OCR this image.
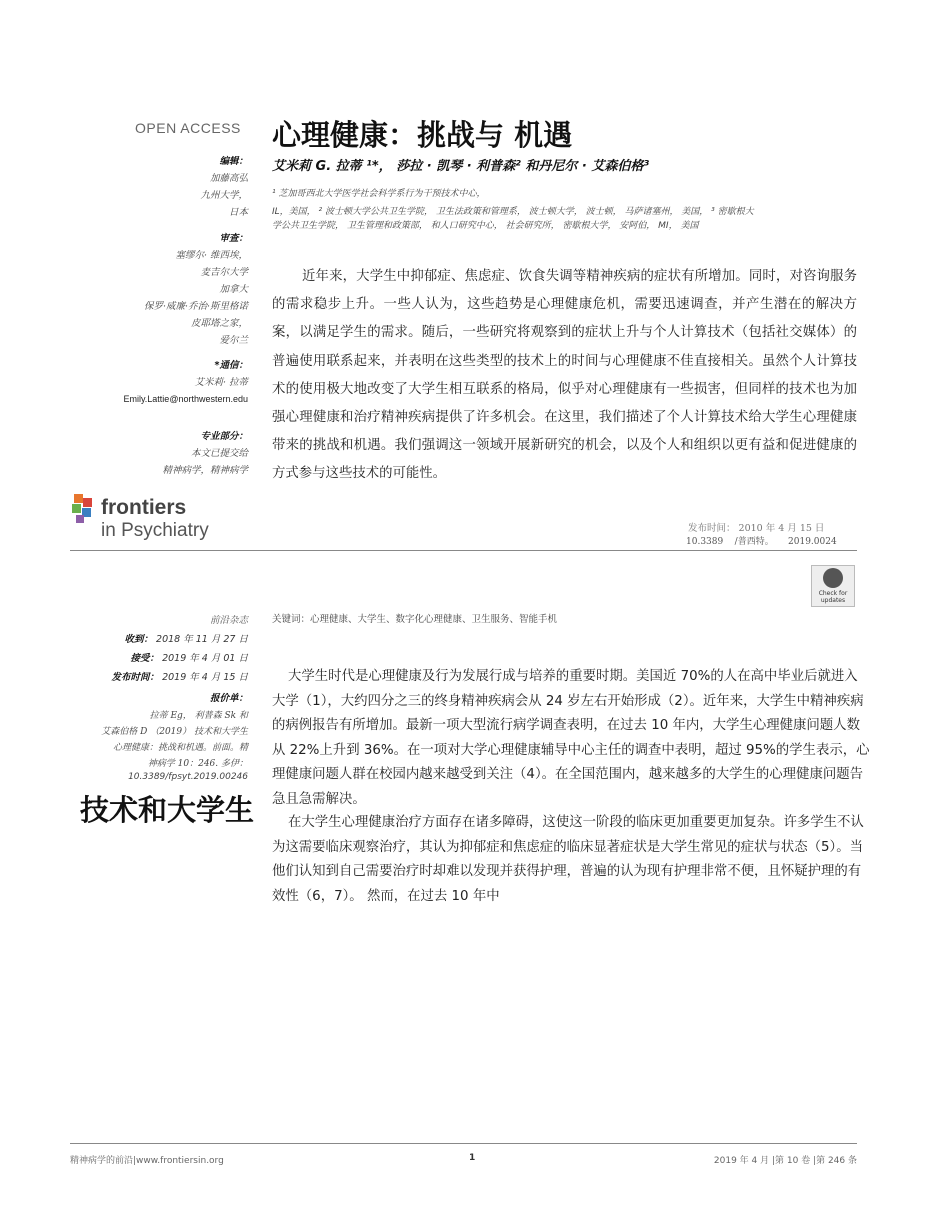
OPEN ACCESS 心理健康：挑战与 机遇
艾米莉 G. 拉蒂 ¹*， 莎拉 · 凯琴 · 利普森² 和丹尼尔 · 艾森伯格³
¹ 芝加哥西北大学医学社会科学系行为干预技术中心，
IL，美国， ² 波士顿大学公共卫生学院， 卫生法政策和管理系， 波士顿大学， 波士顿， 马萨诸塞州， 美国， ³ 密歇根大
学公共卫生学院， 卫生管理和政策部， 和人口研究中心， 社会研究所， 密歇根大学， 安阿伯， MI， 美国
编辑：
加藤高弘
九州大学，
日本
审查：
塞缪尔· 维西埃，
麦吉尔大学
加拿大
保罗·威廉·乔治·斯里格诺
皮耶塔之家，
爱尔兰
*通信：
艾米莉· 拉蒂
Emily.Lattie@northwestern.edu
专业部分：
本文已提交给
精神病学，精神病学
近年来，大学生中抑郁症、焦虑症、饮食失调等精神疾病的症状有所增加。同时，对咨询服务的需求稳步上升。一些人认为，这些趋势是心理健康危机，需要迅速调查，并产生潜在的解决方案，以满足学生的需求。随后，一些研究将观察到的症状上升与个人计算技术（包括社交媒体）的普遍使用联系起来，并表明在这些类型的技术上的时间与心理健康不佳直接相关。虽然个人计算技术的使用极大地改变了大学生相互联系的格局，似乎对心理健康有一些损害，但同样的技术也为加强心理健康和治疗精神疾病提供了许多机会。在这里，我们描述了个人计算技术给大学生心理健康带来的挑战和机遇。我们强调这一领域开展新研究的机会，以及个人和组织以更有益和促进健康的方式参与这些技术的可能性。
frontiers
in Psychiatry	发布时间： 2010 年 4 月 15 日
10.3389 /普西特。 2019.0024
Check for updates
前沿杂志	关键词：心理健康、大学生、数字化心理健康、卫生服务、智能手机
收到： 2018 年 11 月 27 日
接受： 2019 年 4 月 01 日
发布时间： 2019 年 4 月 15 日
报价单：
拉蒂 Eg， 利普森 Sk 和
艾森伯格 D （2019） 技术和大学生
心理健康：挑战和机遇。前面。精
神病学 10：246. 多伊：
10.3389/fpsyt.2019.00246
技术和大学生
大学生时代是心理健康及行为发展行成与培养的重要时期。美国近 70%的人在高中毕业后就进入大学（1），大约四分之三的终身精神疾病会从 24 岁左右开始形成（2）。近年来，大学生中精神疾病的病例报告有所增加。最新一项大型流行病学调查表明，在过去 10 年内，大学生心理健康问题人数从 22%上升到 36%。在一项对大学心理健康辅导中心主任的调查中表明，超过 95%的学生表示，心理健康问题人群在校园内越来越受到关注（4）。在全国范围内，越来越多的大学生的心理健康问题告急且急需解决。
在大学生心理健康治疗方面存在诸多障碍，这使这一阶段的临床更加重要更加复杂。许多学生不认为这需要临床观察治疗，其认为抑郁症和焦虑症的临床显著症状是大学生常见的症状与状态（5）。当他们认知到自己需要治疗时却难以发现并获得护理，普遍的认为现有护理非常不便，且怀疑护理的有效性（6，7）。 然而，在过去 10 年中
精神病学的前沿|www.frontiersin.org	1	2019 年 4 月 |第 10 卷 |第 246 条
